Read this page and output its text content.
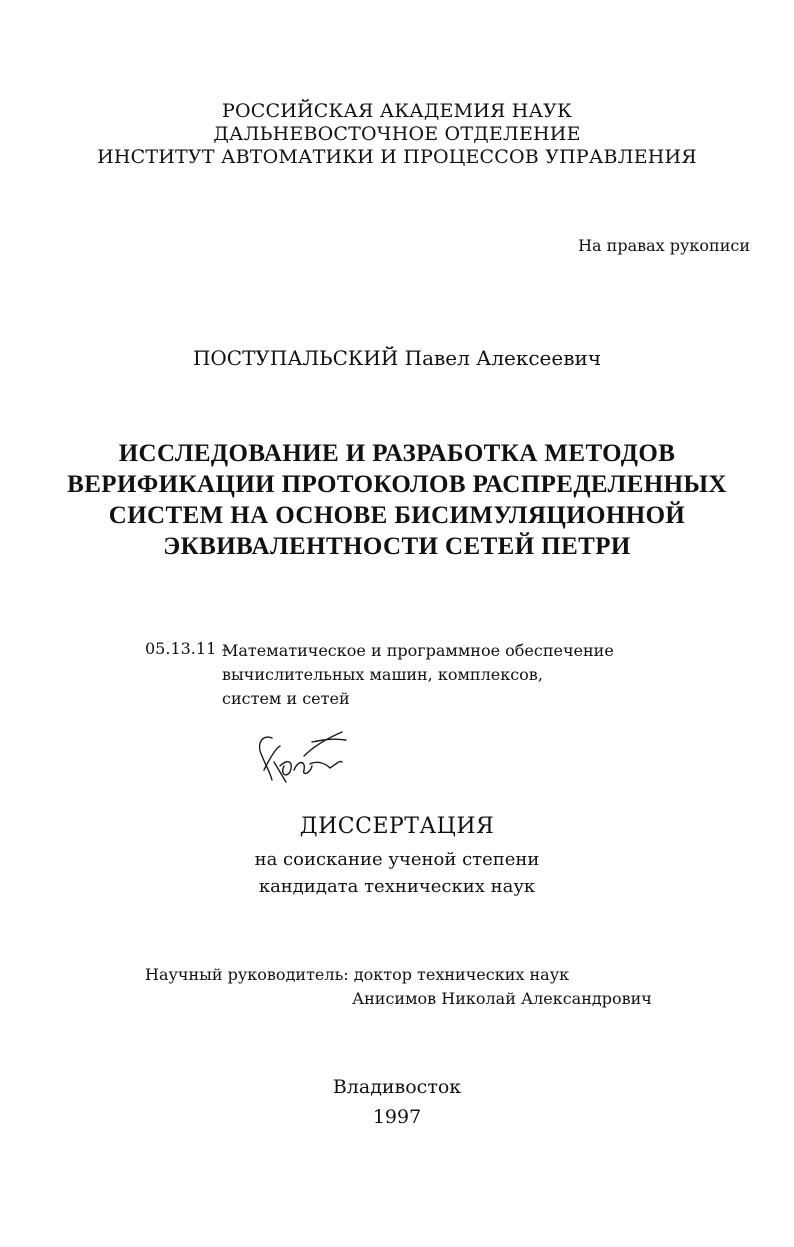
РОССИЙСКАЯ АКАДЕМИЯ НАУК
ДАЛЬНЕВОСТОЧНОЕ ОТДЕЛЕНИЕ
ИНСТИТУТ АВТОМАТИКИ И ПРОЦЕССОВ УПРАВЛЕНИЯ
На правах рукописи
ПОСТУПАЛЬСКИЙ Павел Алексеевич
ИССЛЕДОВАНИЕ И РАЗРАБОТКА МЕТОДОВ
ВЕРИФИКАЦИИ ПРОТОКОЛОВ РАСПРЕДЕЛЕННЫХ
СИСТЕМ НА ОСНОВЕ БИСИМУЛЯЦИОННОЙ
ЭКВИВАЛЕНТНОСТИ СЕТЕЙ ПЕТРИ
05.13.11 –
Математическое и программное обеспечение
вычислительных машин, комплексов,
систем и сетей
ДИССЕРТАЦИЯ
на соискание ученой степени
кандидата технических наук
Научный руководитель: доктор технических наук
Анисимов Николай Александрович
Владивосток
1997
